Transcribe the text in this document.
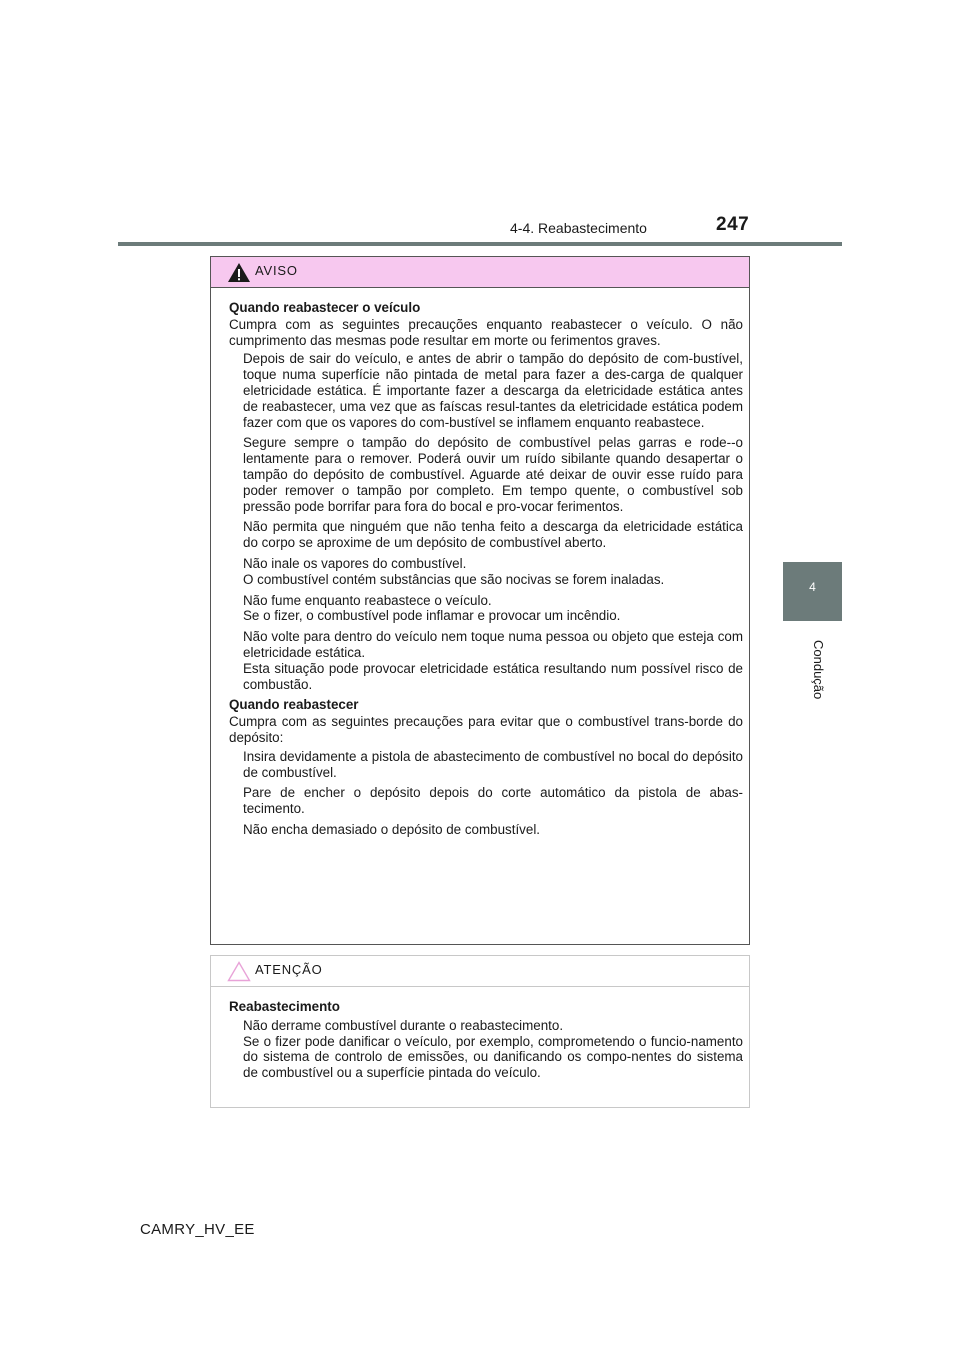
4-4. Reabastecimento	247
4
Condução
AVISO

Quando reabastecer o veículo

Cumpra com as seguintes precauções enquanto reabastecer o veículo. O não cumprimento das mesmas pode resultar em morte ou ferimentos graves.

Depois de sair do veículo, e antes de abrir o tampão do depósito de com-bustível, toque numa superfície não pintada de metal para fazer a des-carga de qualquer eletricidade estática. É importante fazer a descarga da eletricidade estática antes de reabastecer, uma vez que as faíscas resul-tantes da eletricidade estática podem fazer com que os vapores do com-bustível se inflamem enquanto reabastece.

Segure sempre o tampão do depósito de combustível pelas garras e rode--o lentamente para o remover. Poderá ouvir um ruído sibilante quando desapertar o tampão do depósito de combustível. Aguarde até deixar de ouvir esse ruído para poder remover o tampão por completo. Em tempo quente, o combustível sob pressão pode borrifar para fora do bocal e pro-vocar ferimentos.

Não permita que ninguém que não tenha feito a descarga da eletricidade estática do corpo se aproxime de um depósito de combustível aberto.

Não inale os vapores do combustível.
O combustível contém substâncias que são nocivas se forem inaladas.

Não fume enquanto reabastece o veículo.
Se o fizer, o combustível pode inflamar e provocar um incêndio.

Não volte para dentro do veículo nem toque numa pessoa ou objeto que esteja com eletricidade estática.
Esta situação pode provocar eletricidade estática resultando num possível risco de combustão.

Quando reabastecer

Cumpra com as seguintes precauções para evitar que o combustível trans-borde do depósito:

Insira devidamente a pistola de abastecimento de combustível no bocal do depósito de combustível.

Pare de encher o depósito depois do corte automático da pistola de abas-tecimento.

Não encha demasiado o depósito de combustível.

ATENÇÃO

Reabastecimento

Não derrame combustível durante o reabastecimento.
Se o fizer pode danificar o veículo, por exemplo, comprometendo o funcio-namento do sistema de controlo de emissões, ou danificando os compo-nentes do sistema de combustível ou a superfície pintada do veículo.

CAMRY_HV_EE
